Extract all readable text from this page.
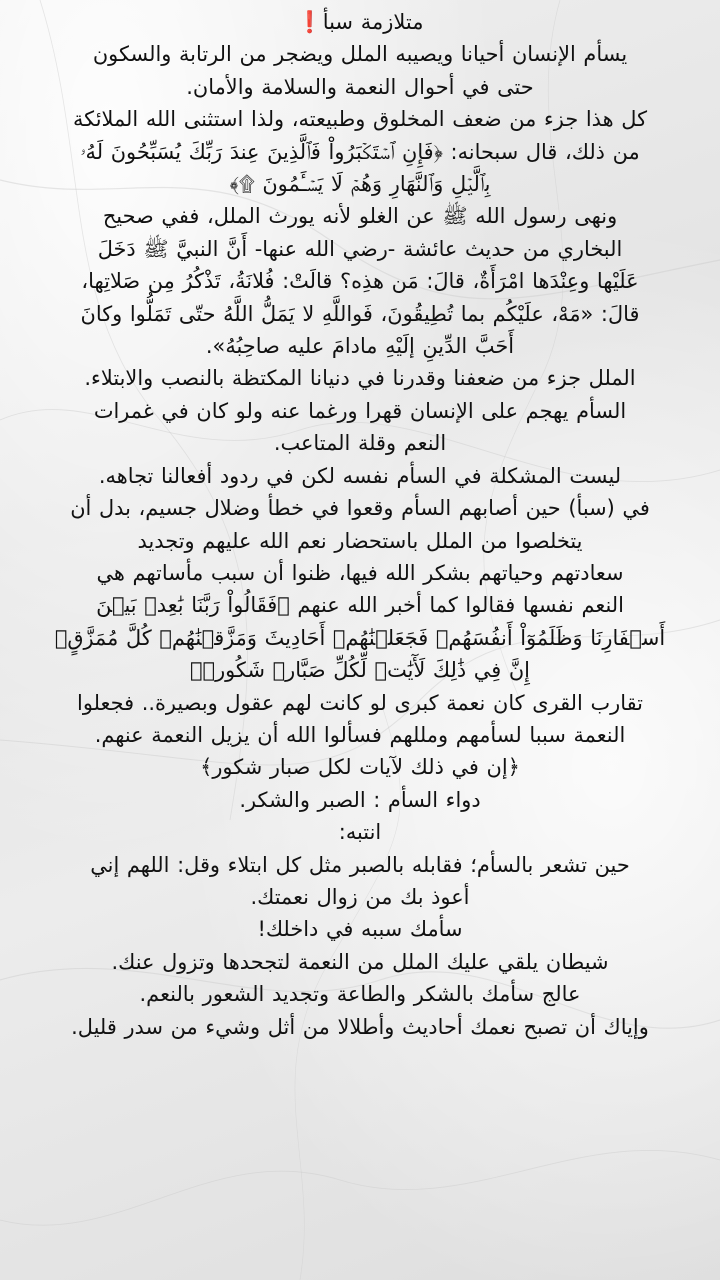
متلازمة سبأ❗
يسأم الإنسان أحيانا ويصيبه الملل ويضجر من الرتابة والسكون
حتى في أحوال النعمة والسلامة والأمان.
كل هذا جزء من ضعف المخلوق وطبيعته، ولذا استثنى الله الملائكة
من ذلك، قال سبحانه: ﴿فَإِنِ ٱسۡتَكۡبَرُواْ فَٱلَّذِينَ عِندَ رَبِّكَ يُسَبِّحُونَ لَهُۥ
بِٱلَّيۡلِ وَٱلنَّهَارِ وَهُمۡ لَا يَسۡـَٔمُونَ ۩﴾
ونهى رسول الله ﷺ عن الغلو لأنه يورث الملل، ففي صحيح
البخاري من حديث عائشة -رضي الله عنها- أَنَّ النبيَّ ﷺ دَخَلَ
عَلَيْها وعِنْدَها امْرَأَةٌ، قالَ: مَن هذِه؟ قالَتْ: فُلانَةُ، تَذْكُرُ مِن صَلاتِها،
قالَ: «مَهْ، علَيْكُم بما تُطِيقُونَ، فَواللَّهِ لا يَمَلُّ اللَّهُ حتّى تَمَلُّوا وكانَ
أَحَبَّ الدِّينِ إلَيْهِ مادامَ عليه صاحِبُهُ».
الملل جزء من ضعفنا وقدرنا في دنيانا المكتظة بالنصب والابتلاء.
السأم يهجم على الإنسان قهرا ورغما عنه ولو كان في غمرات
النعم وقلة المتاعب.
ليست المشكلة في السأم نفسه لكن في ردود أفعالنا تجاهه.
في (سبأ) حين أصابهم السأم وقعوا في خطأ وضلال جسيم، بدل أن
يتخلصوا من الملل باستحضار نعم الله عليهم وتجديد
سعادتهم وحياتهم بشكر الله فيها، ظنوا أن سبب مأساتهم هي
النعم نفسها فقالوا كما أخبر الله عنهم ﴿فَقَالُواْ رَبَّنَا بَٰعِدۡ بَيۡنَ
أَسۡفَارِنَا وَظَلَمُوٓاْ أَنفُسَهُمۡ فَجَعَلۡنَٰهُمۡ أَحَادِيثَ وَمَزَّقۡنَٰهُمۡ كُلَّ مُمَزَّقٍۚ
إِنَّ فِي ذَٰلِكَ لَأٓيَٰتٖ لِّكُلِّ صَبَّارٖ شَكُورٖ﴾
تقارب القرى كان نعمة كبرى لو كانت لهم عقول وبصيرة.. فجعلوا
النعمة سببا لسأمهم ومللهم فسألوا الله أن يزيل النعمة عنهم.
﴿إن في ذلك لآيات لكل صبار شكور﴾
دواء السأم : الصبر والشكر.
انتبه:
حين تشعر بالسأم؛ فقابله بالصبر مثل كل ابتلاء وقل: اللهم إني
أعوذ بك من زوال نعمتك.
سأمك سببه في داخلك!
شيطان يلقي عليك الملل من النعمة لتجحدها وتزول عنك.
عالج سأمك بالشكر والطاعة وتجديد الشعور بالنعم.
وإياك أن تصبح نعمك أحاديث وأطلالا من أثل وشيء من سدر قليل.
